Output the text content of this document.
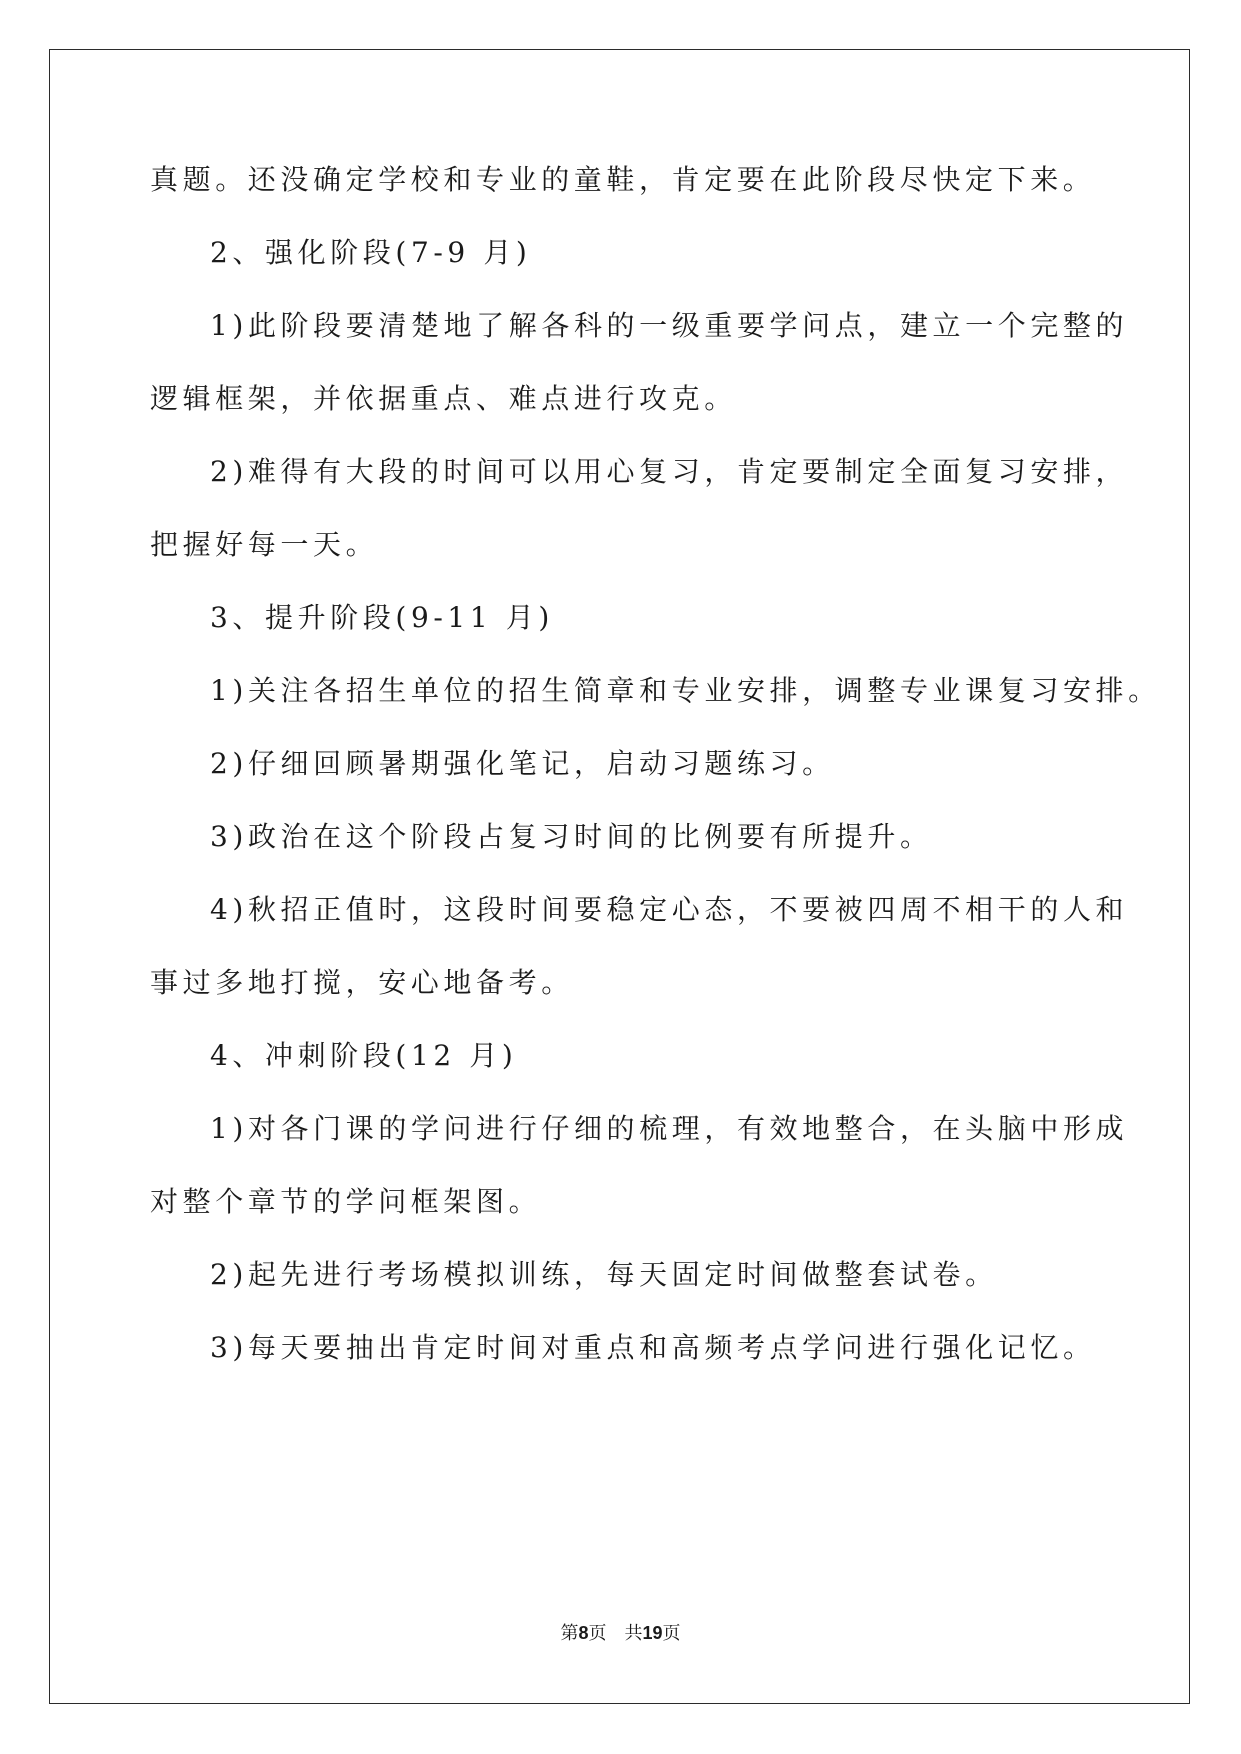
真题。还没确定学校和专业的童鞋，肯定要在此阶段尽快定下来。
2、强化阶段(7-9 月)
1)此阶段要清楚地了解各科的一级重要学问点，建立一个完整的
逻辑框架，并依据重点、难点进行攻克。
2)难得有大段的时间可以用心复习，肯定要制定全面复习安排，
把握好每一天。
3、提升阶段(9-11 月)
1)关注各招生单位的招生简章和专业安排，调整专业课复习安排。
2)仔细回顾暑期强化笔记，启动习题练习。
3)政治在这个阶段占复习时间的比例要有所提升。
4)秋招正值时，这段时间要稳定心态，不要被四周不相干的人和
事过多地打搅，安心地备考。
4、冲刺阶段(12 月)
1)对各门课的学问进行仔细的梳理，有效地整合，在头脑中形成
对整个章节的学问框架图。
2)起先进行考场模拟训练，每天固定时间做整套试卷。
3)每天要抽出肯定时间对重点和高频考点学问进行强化记忆。
第8页 共19页
